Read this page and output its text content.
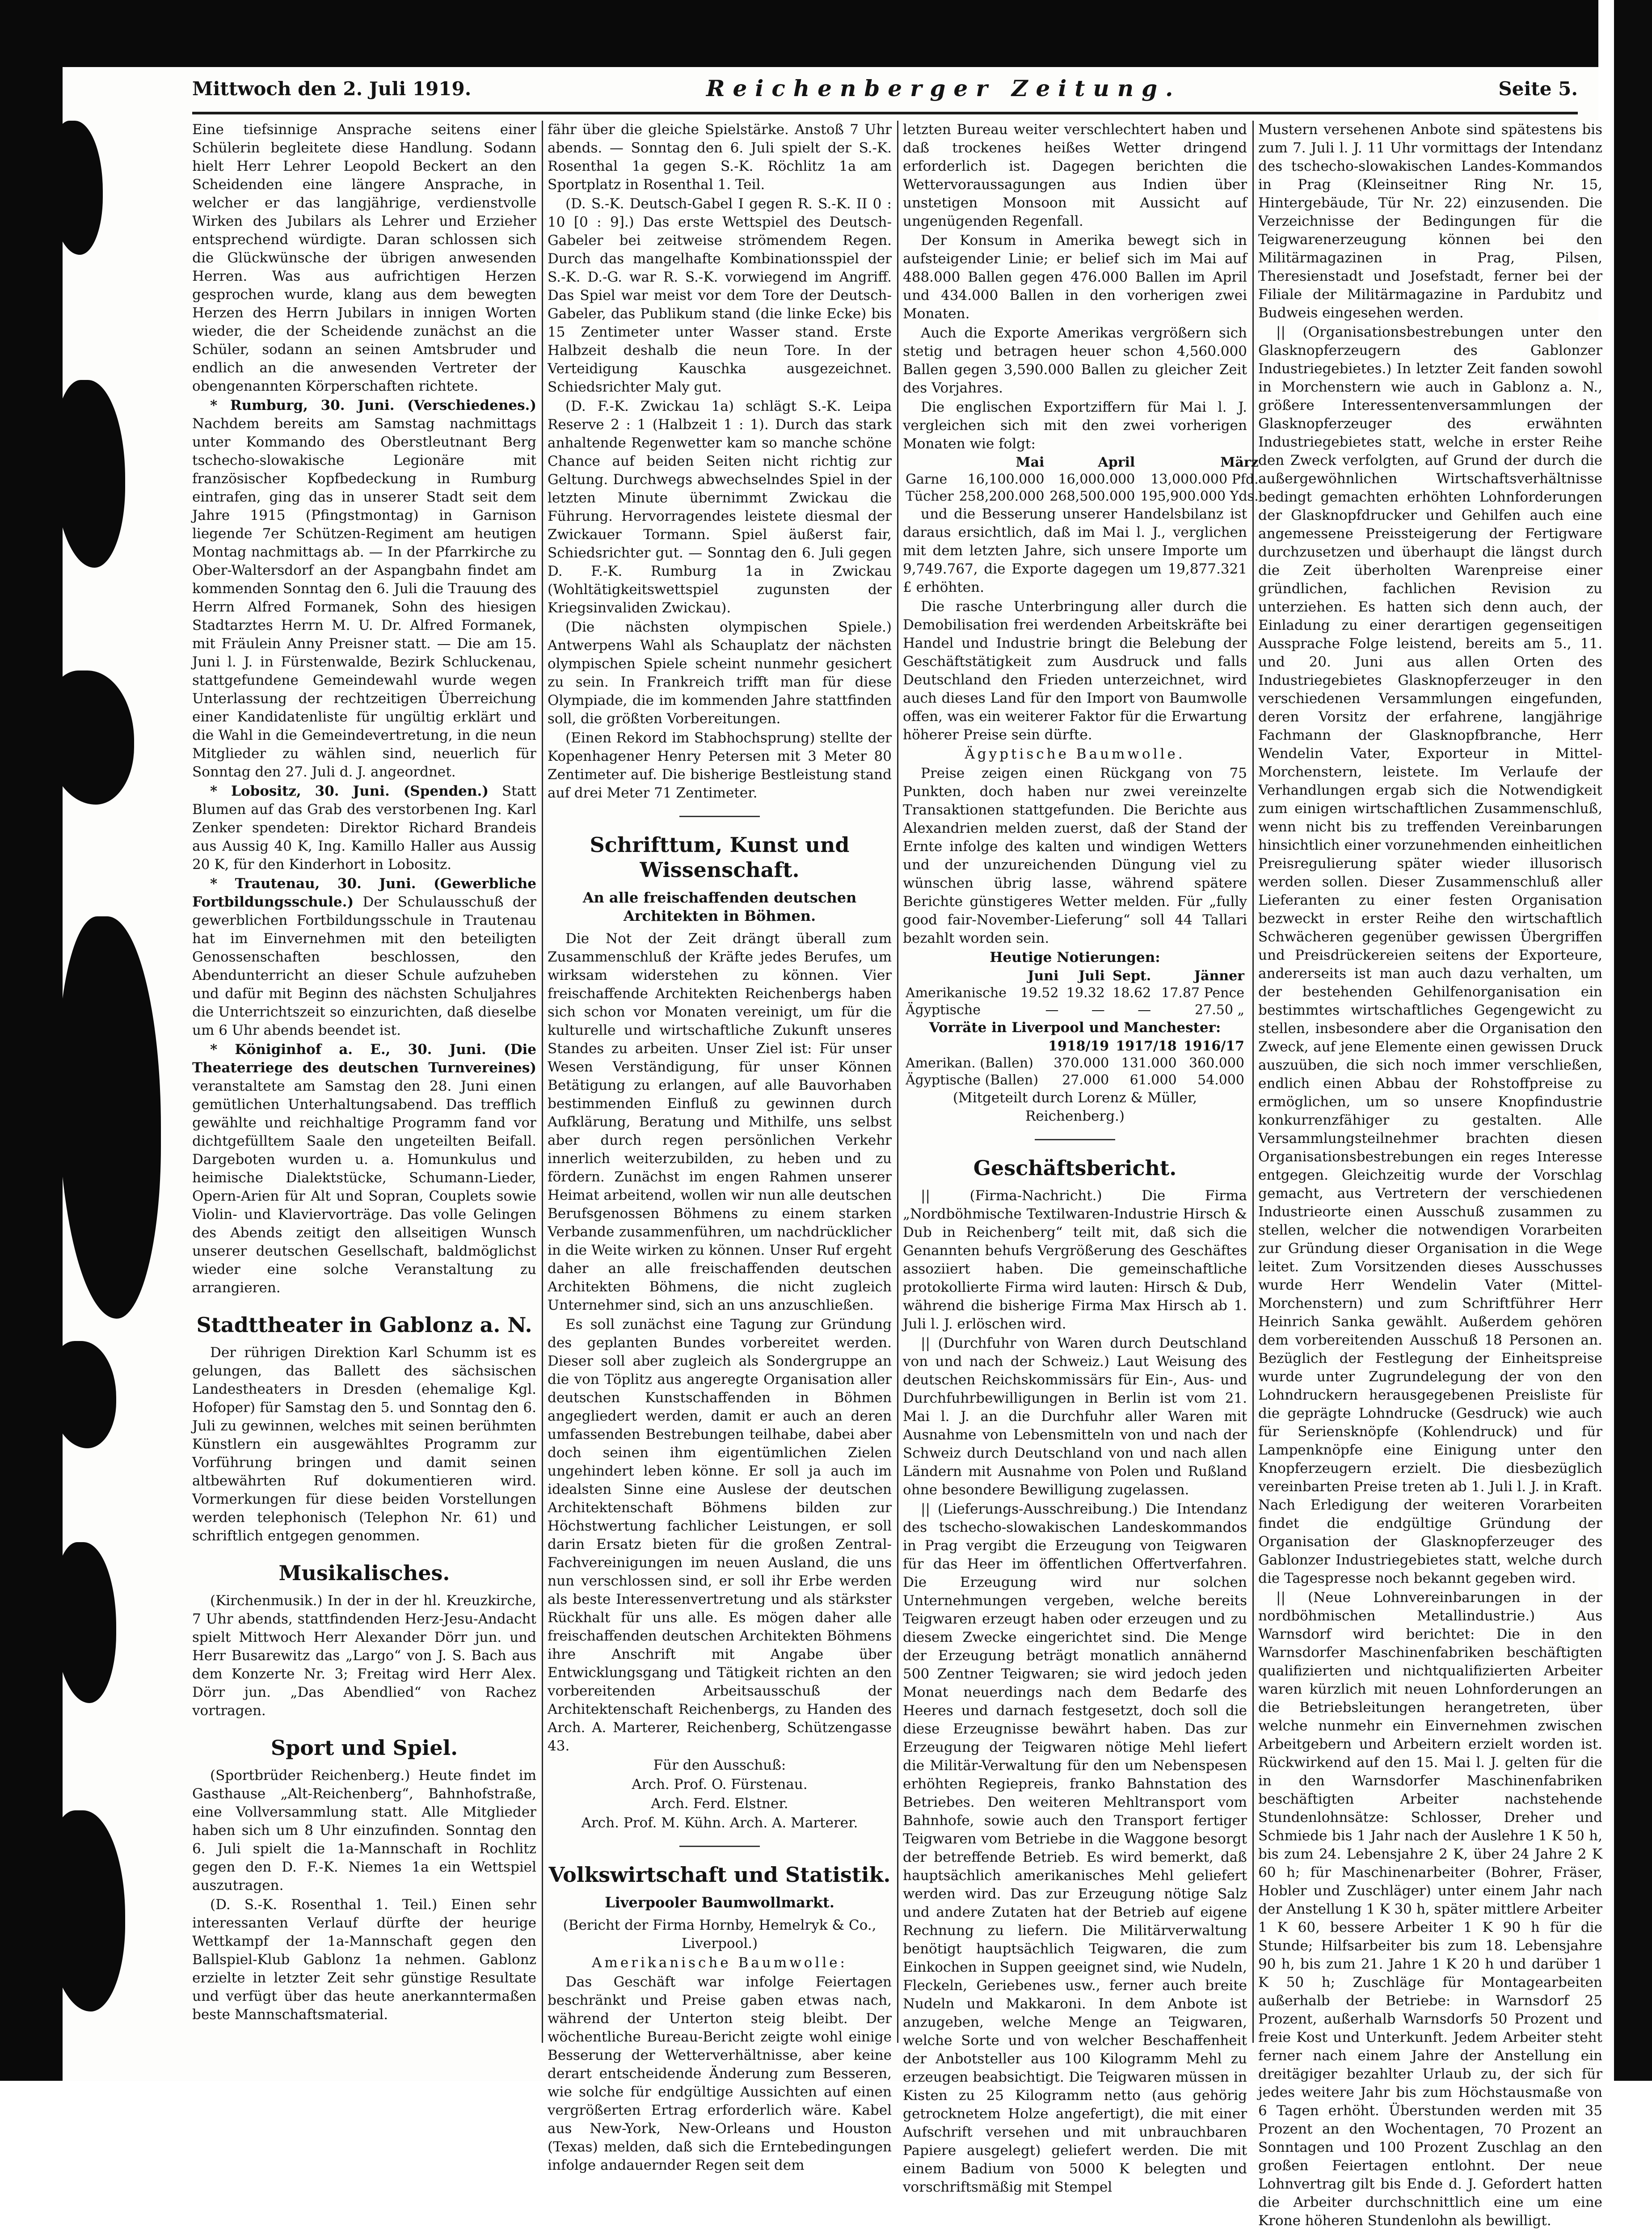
Mittwoch den 2. Juli 1919.	Reichenberger Zeitung.	Seite 5.

Eine tiefsinnige Ansprache seitens einer Schülerin begleitete diese Handlung. Sodann hielt Herr Lehrer Leopold Beckert an den Scheidenden eine längere Ansprache, in welcher er das langjährige, verdienstvolle Wirken des Jubilars als Lehrer und Erzieher entsprechend würdigte. Daran schlossen sich die Glückwünsche der übrigen anwesenden Herren. Was aus aufrichtigen Herzen gesprochen wurde, klang aus dem bewegten Herzen des Herrn Jubilars in innigen Worten wieder, die der Scheidende zunächst an die Schüler, sodann an seinen Amtsbruder und endlich an die anwesenden Vertreter der obengenannten Körperschaften richtete.

* Rumburg, 30. Juni. (Verschiedenes.) Nachdem bereits am Samstag nachmittags unter Kommando des Oberstleutnant Berg tschecho-slowakische Legionäre mit französischer Kopfbedeckung in Rumburg eintrafen, ging das in unserer Stadt seit dem Jahre 1915 (Pfingstmontag) in Garnison liegende 7er Schützen-Regiment am heutigen Montag nachmittags ab. — In der Pfarrkirche zu Ober-Waltersdorf an der Aspangbahn findet am kommenden Sonntag den 6. Juli die Trauung des Herrn Alfred Formanek, Sohn des hiesigen Stadtarztes Herrn M. U. Dr. Alfred Formanek, mit Fräulein Anny Preisner statt. — Die am 15. Juni l. J. in Fürstenwalde, Bezirk Schluckenau, stattgefundene Gemeindewahl wurde wegen Unterlassung der rechtzeitigen Überreichung einer Kandidatenliste für ungültig erklärt und die Wahl in die Gemeindevertretung, in die neun Mitglieder zu wählen sind, neuerlich für Sonntag den 27. Juli d. J. angeordnet.

* Lobositz, 30. Juni. (Spenden.) Statt Blumen auf das Grab des verstorbenen Ing. Karl Zenker spendeten: Direktor Richard Brandeis aus Aussig 40 K, Ing. Kamillo Haller aus Aussig 20 K, für den Kinderhort in Lobositz.

* Trautenau, 30. Juni. (Gewerbliche Fortbildungsschule.) Der Schulausschuß der gewerblichen Fortbildungsschule in Trautenau hat im Einvernehmen mit den beteiligten Genossenschaften beschlossen, den Abendunterricht an dieser Schule aufzuheben und dafür mit Beginn des nächsten Schuljahres die Unterrichtszeit so einzurichten, daß dieselbe um 6 Uhr abends beendet ist.

* Königinhof a. E., 30. Juni. (Die Theaterriege des deutschen Turnvereines) veranstaltete am Samstag den 28. Juni einen gemütlichen Unterhaltungsabend. Das trefflich gewählte und reichhaltige Programm fand vor dichtgefülltem Saale den ungeteilten Beifall. Dargeboten wurden u. a. Homunkulus und heimische Dialektstücke, Schumann-Lieder, Opern-Arien für Alt und Sopran, Couplets sowie Violin- und Klaviervorträge. Das volle Gelingen des Abends zeitigt den allseitigen Wunsch unserer deutschen Gesellschaft, baldmöglichst wieder eine solche Veranstaltung zu arrangieren.

Stadttheater in Gablonz a. N.

Der rührigen Direktion Karl Schumm ist es gelungen, das Ballett des sächsischen Landestheaters in Dresden (ehemalige Kgl. Hofoper) für Samstag den 5. und Sonntag den 6. Juli zu gewinnen, welches mit seinen berühmten Künstlern ein ausgewähltes Programm zur Vorführung bringen und damit seinen altbewährten Ruf dokumentieren wird. Vormerkungen für diese beiden Vorstellungen werden telephonisch (Telephon Nr. 61) und schriftlich entgegen genommen.

Musikalisches.

(Kirchenmusik.) In der in der hl. Kreuzkirche, 7 Uhr abends, stattfindenden Herz-Jesu-Andacht spielt Mittwoch Herr Alexander Dörr jun. und Herr Busarewitz das „Largo“ von J. S. Bach aus dem Konzerte Nr. 3; Freitag wird Herr Alex. Dörr jun. „Das Abendlied“ von Rachez vortragen.

Sport und Spiel.

(Sportbrüder Reichenberg.) Heute findet im Gasthause „Alt-Reichenberg“, Bahnhofstraße, eine Vollversammlung statt. Alle Mitglieder haben sich um 8 Uhr einzufinden. Sonntag den 6. Juli spielt die 1a-Mannschaft in Rochlitz gegen den D. F.-K. Niemes 1a ein Wettspiel auszutragen.

(D. S.-K. Rosenthal 1. Teil.) Einen sehr interessanten Verlauf dürfte der heurige Wettkampf der 1a-Mannschaft gegen den Ballspiel-Klub Gablonz 1a nehmen. Gablonz erzielte in letzter Zeit sehr günstige Resultate und verfügt über das heute anerkanntermaßen beste Mannschaftsmaterial.

fähr über die gleiche Spielstärke. Anstoß 7 Uhr abends. — Sonntag den 6. Juli spielt der S.-K. Rosenthal 1a gegen S.-K. Röchlitz 1a am Sportplatz in Rosenthal 1. Teil.

(D. S.-K. Deutsch-Gabel I gegen R. S.-K. II 0 : 10 [0 : 9].) Das erste Wettspiel des Deutsch-Gabeler bei zeitweise strömendem Regen. Durch das mangelhafte Kombinationsspiel der S.-K. D.-G. war R. S.-K. vorwiegend im Angriff. Das Spiel war meist vor dem Tore der Deutsch-Gabeler, das Publikum stand (die linke Ecke) bis 15 Zentimeter unter Wasser stand. Erste Halbzeit deshalb die neun Tore. In der Verteidigung Kauschka ausgezeichnet. Schiedsrichter Maly gut.

(D. F.-K. Zwickau 1a) schlägt S.-K. Leipa Reserve 2 : 1 (Halbzeit 1 : 1). Durch das stark anhaltende Regenwetter kam so manche schöne Chance auf beiden Seiten nicht richtig zur Geltung. Durchwegs abwechselndes Spiel in der letzten Minute übernimmt Zwickau die Führung. Hervorragendes leistete diesmal der Zwickauer Tormann. Spiel äußerst fair, Schiedsrichter gut. — Sonntag den 6. Juli gegen D. F.-K. Rumburg 1a in Zwickau (Wohltätigkeitswettspiel zugunsten der Kriegsinvaliden Zwickau).

(Die nächsten olympischen Spiele.) Antwerpens Wahl als Schauplatz der nächsten olympischen Spiele scheint nunmehr gesichert zu sein. In Frankreich trifft man für diese Olympiade, die im kommenden Jahre stattfinden soll, die größten Vorbereitungen.

(Einen Rekord im Stabhochsprung) stellte der Kopenhagener Henry Petersen mit 3 Meter 80 Zentimeter auf. Die bisherige Bestleistung stand auf drei Meter 71 Zentimeter.

Schrifttum, Kunst und Wissenschaft.
An alle freischaffenden deutschen Architekten in Böhmen.

Die Not der Zeit drängt überall zum Zusammenschluß der Kräfte jedes Berufes, um wirksam widerstehen zu können. Vier freischaffende Architekten Reichenbergs haben sich schon vor Monaten vereinigt, um für die kulturelle und wirtschaftliche Zukunft unseres Standes zu arbeiten. Unser Ziel ist: Für unser Wesen Verständigung, für unser Können Betätigung zu erlangen, auf alle Bauvorhaben bestimmenden Einfluß zu gewinnen durch Aufklärung, Beratung und Mithilfe, uns selbst aber durch regen persönlichen Verkehr innerlich weiterzubilden, zu heben und zu fördern. Zunächst im engen Rahmen unserer Heimat arbeitend, wollen wir nun alle deutschen Berufsgenossen Böhmens zu einem starken Verbande zusammenführen, um nachdrücklicher in die Weite wirken zu können. Unser Ruf ergeht daher an alle freischaffenden deutschen Architekten Böhmens, die nicht zugleich Unternehmer sind, sich an uns anzuschließen.

Es soll zunächst eine Tagung zur Gründung des geplanten Bundes vorbereitet werden. Dieser soll aber zugleich als Sondergruppe an die von Töplitz aus angeregte Organisation aller deutschen Kunstschaffenden in Böhmen angegliedert werden, damit er auch an deren umfassenden Bestrebungen teilhabe, dabei aber doch seinen ihm eigentümlichen Zielen ungehindert leben könne. Er soll ja auch im idealsten Sinne eine Auslese der deutschen Architektenschaft Böhmens bilden zur Höchstwertung fachlicher Leistungen, er soll darin Ersatz bieten für die großen Zentral-Fachvereinigungen im neuen Ausland, die uns nun verschlossen sind, er soll ihr Erbe werden als beste Interessenvertretung und als stärkster Rückhalt für uns alle. Es mögen daher alle freischaffenden deutschen Architekten Böhmens ihre Anschrift mit Angabe über Entwicklungsgang und Tätigkeit richten an den vorbereitenden Arbeitsausschuß der Architektenschaft Reichenbergs, zu Handen des Arch. A. Marterer, Reichenberg, Schützengasse 43.

Für den Ausschuß:

Arch. Prof. O. Fürstenau.

Arch. Ferd. Elstner.

Arch. Prof. M. Kühn. Arch. A. Marterer.

Volkswirtschaft und Statistik.
Liverpooler Baumwollmarkt.

(Bericht der Firma Hornby, Hemelryk & Co., Liverpool.)

Amerikanische Baumwolle:

Das Geschäft war infolge Feiertagen beschränkt und Preise gaben etwas nach, während der Unterton steig bleibt. Der wöchentliche Bureau-Bericht zeigte wohl einige Besserung der Wetterverhältnisse, aber keine derart entscheidende Änderung zum Besseren, wie solche für endgültige Aussichten auf einen vergrößerten Ertrag erforderlich wäre. Kabel aus New-York, New-Orleans und Houston (Texas) melden, daß sich die Erntebedingungen infolge andauernder Regen seit dem

letzten Bureau weiter verschlechtert haben und daß trockenes heißes Wetter dringend erforderlich ist. Dagegen berichten die Wettervoraussagungen aus Indien über unstetigen Monsoon mit Aussicht auf ungenügenden Regenfall.

Der Konsum in Amerika bewegt sich in aufsteigender Linie; er belief sich im Mai auf 488.000 Ballen gegen 476.000 Ballen im April und 434.000 Ballen in den vorherigen zwei Monaten.

Auch die Exporte Amerikas vergrößern sich stetig und betragen heuer schon 4,560.000 Ballen gegen 3,590.000 Ballen zu gleicher Zeit des Vorjahres.

Die englischen Exportziffern für Mai l. J. vergleichen sich mit den zwei vorherigen Monaten wie folgt:

	Mai	April	März
Garne	16,100.000	16,000.000	13,000.000 Pfd.
Tücher	258,200.000	268,500.000	195,900.000 Yds.

und die Besserung unserer Handelsbilanz ist daraus ersichtlich, daß im Mai l. J., verglichen mit dem letzten Jahre, sich unsere Importe um 9,749.767, die Exporte dagegen um 19,877.321 £ erhöhten.

Die rasche Unterbringung aller durch die Demobilisation frei werdenden Arbeitskräfte bei Handel und Industrie bringt die Belebung der Geschäftstätigkeit zum Ausdruck und falls Deutschland den Frieden unterzeichnet, wird auch dieses Land für den Import von Baumwolle offen, was ein weiterer Faktor für die Erwartung höherer Preise sein dürfte.

Ägyptische Baumwolle.

Preise zeigen einen Rückgang von 75 Punkten, doch haben nur zwei vereinzelte Transaktionen stattgefunden. Die Berichte aus Alexandrien melden zuerst, daß der Stand der Ernte infolge des kalten und windigen Wetters und der unzureichenden Düngung viel zu wünschen übrig lasse, während spätere Berichte günstigeres Wetter melden. Für „fully good fair-November-Lieferung“ soll 44 Tallari bezahlt worden sein.

Heutige Notierungen:

	Juni	Juli	Sept.	Jänner
Amerikanische	19.52	19.32	18.62	17.87 Pence
Ägyptische	—	—	—	27.50 „

Vorräte in Liverpool und Manchester:

	1918/19	1917/18	1916/17
Amerikan. (Ballen)	370.000	131.000	360.000
Ägyptische (Ballen)	27.000	61.000	54.000

(Mitgeteilt durch Lorenz & Müller, Reichenberg.)

Geschäftsbericht.

|| (Firma-Nachricht.) Die Firma „Nordböhmische Textilwaren-Industrie Hirsch & Dub in Reichenberg“ teilt mit, daß sich die Genannten behufs Vergrößerung des Geschäftes assoziiert haben. Die gemeinschaftliche protokollierte Firma wird lauten: Hirsch & Dub, während die bisherige Firma Max Hirsch ab 1. Juli l. J. erlöschen wird.

|| (Durchfuhr von Waren durch Deutschland von und nach der Schweiz.) Laut Weisung des deutschen Reichskommissärs für Ein-, Aus- und Durchfuhrbewilligungen in Berlin ist vom 21. Mai l. J. an die Durchfuhr aller Waren mit Ausnahme von Lebensmitteln von und nach der Schweiz durch Deutschland von und nach allen Ländern mit Ausnahme von Polen und Rußland ohne besondere Bewilligung zugelassen.

|| (Lieferungs-Ausschreibung.) Die Intendanz des tschecho-slowakischen Landeskommandos in Prag vergibt die Erzeugung von Teigwaren für das Heer im öffentlichen Offertverfahren. Die Erzeugung wird nur solchen Unternehmungen vergeben, welche bereits Teigwaren erzeugt haben oder erzeugen und zu diesem Zwecke eingerichtet sind. Die Menge der Erzeugung beträgt monatlich annähernd 500 Zentner Teigwaren; sie wird jedoch jeden Monat neuerdings nach dem Bedarfe des Heeres und darnach festgesetzt, doch soll die diese Erzeugnisse bewährt haben. Das zur Erzeugung der Teigwaren nötige Mehl liefert die Militär-Verwaltung für den um Nebenspesen erhöhten Regiepreis, franko Bahnstation des Betriebes. Den weiteren Mehltransport vom Bahnhofe, sowie auch den Transport fertiger Teigwaren vom Betriebe in die Waggone besorgt der betreffende Betrieb. Es wird bemerkt, daß hauptsächlich amerikanisches Mehl geliefert werden wird. Das zur Erzeugung nötige Salz und andere Zutaten hat der Betrieb auf eigene Rechnung zu liefern. Die Militärverwaltung benötigt hauptsächlich Teigwaren, die zum Einkochen in Suppen geeignet sind, wie Nudeln, Fleckeln, Geriebenes usw., ferner auch breite Nudeln und Makkaroni. In dem Anbote ist anzugeben, welche Menge an Teigwaren, welche Sorte und von welcher Beschaffenheit der Anbotsteller aus 100 Kilogramm Mehl zu erzeugen beabsichtigt. Die Teigwaren müssen in Kisten zu 25 Kilogramm netto (aus gehörig getrocknetem Holze angefertigt), die mit einer Aufschrift versehen und mit unbrauchbaren Papiere ausgelegt) geliefert werden. Die mit einem Badium von 5000 K belegten und vorschriftsmäßig mit Stempel

Mustern versehenen Anbote sind spätestens bis zum 7. Juli l. J. 11 Uhr vormittags der Intendanz des tschecho-slowakischen Landes-Kommandos in Prag (Kleinseitner Ring Nr. 15, Hintergebäude, Tür Nr. 22) einzusenden. Die Verzeichnisse der Bedingungen für die Teigwarenerzeugung können bei den Militärmagazinen in Prag, Pilsen, Theresienstadt und Josefstadt, ferner bei der Filiale der Militärmagazine in Pardubitz und Budweis eingesehen werden.

|| (Organisationsbestrebungen unter den Glasknopferzeugern des Gablonzer Industriegebietes.) In letzter Zeit fanden sowohl in Morchenstern wie auch in Gablonz a. N., größere Interessentenversammlungen der Glasknopferzeuger des erwähnten Industriegebietes statt, welche in erster Reihe den Zweck verfolgten, auf Grund der durch die außergewöhnlichen Wirtschaftsverhältnisse bedingt gemachten erhöhten Lohnforderungen der Glasknopfdrucker und Gehilfen auch eine angemessene Preissteigerung der Fertigware durchzusetzen und überhaupt die längst durch die Zeit überholten Warenpreise einer gründlichen, fachlichen Revision zu unterziehen. Es hatten sich denn auch, der Einladung zu einer derartigen gegenseitigen Aussprache Folge leistend, bereits am 5., 11. und 20. Juni aus allen Orten des Industriegebietes Glasknopferzeuger in den verschiedenen Versammlungen eingefunden, deren Vorsitz der erfahrene, langjährige Fachmann der Glasknopfbranche, Herr Wendelin Vater, Exporteur in Mittel-Morchenstern, leistete. Im Verlaufe der Verhandlungen ergab sich die Notwendigkeit zum einigen wirtschaftlichen Zusammenschluß, wenn nicht bis zu treffenden Vereinbarungen hinsichtlich einer vorzunehmenden einheitlichen Preisregulierung später wieder illusorisch werden sollen. Dieser Zusammenschluß aller Lieferanten zu einer festen Organisation bezweckt in erster Reihe den wirtschaftlich Schwächeren gegenüber gewissen Übergriffen und Preisdrückereien seitens der Exporteure, andererseits ist man auch dazu verhalten, um der bestehenden Gehilfenorganisation ein bestimmtes wirtschaftliches Gegengewicht zu stellen, insbesondere aber die Organisation den Zweck, auf jene Elemente einen gewissen Druck auszuüben, die sich noch immer verschließen, endlich einen Abbau der Rohstoffpreise zu ermöglichen, um so unsere Knopfindustrie konkurrenzfähiger zu gestalten. Alle Versammlungsteilnehmer brachten diesen Organisationsbestrebungen ein reges Interesse entgegen. Gleichzeitig wurde der Vorschlag gemacht, aus Vertretern der verschiedenen Industrieorte einen Ausschuß zusammen zu stellen, welcher die notwendigen Vorarbeiten zur Gründung dieser Organisation in die Wege leitet. Zum Vorsitzenden dieses Ausschusses wurde Herr Wendelin Vater (Mittel-Morchenstern) und zum Schriftführer Herr Heinrich Sanka gewählt. Außerdem gehören dem vorbereitenden Ausschuß 18 Personen an. Bezüglich der Festlegung der Einheitspreise wurde unter Zugrundelegung der von den Lohndruckern herausgegebenen Preisliste für die geprägte Lohndrucke (Gesdruck) wie auch für Seriensknöpfe (Kohlendruck) und für Lampenknöpfe eine Einigung unter den Knopferzeugern erzielt. Die diesbezüglich vereinbarten Preise treten ab 1. Juli l. J. in Kraft. Nach Erledigung der weiteren Vorarbeiten findet die endgültige Gründung der Organisation der Glasknopferzeuger des Gablonzer Industriegebietes statt, welche durch die Tagespresse noch bekannt gegeben wird.

|| (Neue Lohnvereinbarungen in der nordböhmischen Metallindustrie.) Aus Warnsdorf wird berichtet: Die in den Warnsdorfer Maschinenfabriken beschäftigten qualifizierten und nichtqualifizierten Arbeiter waren kürzlich mit neuen Lohnforderungen an die Betriebsleitungen herangetreten, über welche nunmehr ein Einvernehmen zwischen Arbeitgebern und Arbeitern erzielt worden ist. Rückwirkend auf den 15. Mai l. J. gelten für die in den Warnsdorfer Maschinenfabriken beschäftigten Arbeiter nachstehende Stundenlohnsätze: Schlosser, Dreher und Schmiede bis 1 Jahr nach der Auslehre 1 K 50 h, bis zum 24. Lebensjahre 2 K, über 24 Jahre 2 K 60 h; für Maschinenarbeiter (Bohrer, Fräser, Hobler und Zuschläger) unter einem Jahr nach der Anstellung 1 K 30 h, später mittlere Arbeiter 1 K 60, bessere Arbeiter 1 K 90 h für die Stunde; Hilfsarbeiter bis zum 18. Lebensjahre 90 h, bis zum 21. Jahre 1 K 20 h und darüber 1 K 50 h; Zuschläge für Montagearbeiten außerhalb der Betriebe: in Warnsdorf 25 Prozent, außerhalb Warnsdorfs 50 Prozent und freie Kost und Unterkunft. Jedem Arbeiter steht ferner nach einem Jahre der Anstellung ein dreitägiger bezahlter Urlaub zu, der sich für jedes weitere Jahr bis zum Höchstausmaße von 6 Tagen erhöht. Überstunden werden mit 35 Prozent an den Wochentagen, 70 Prozent an Sonntagen und 100 Prozent Zuschlag an den großen Feiertagen entlohnt. Der neue Lohnvertrag gilt bis Ende d. J. Gefordert hatten die Arbeiter durchschnittlich eine um eine Krone höheren Stundenlohn als bewilligt.
